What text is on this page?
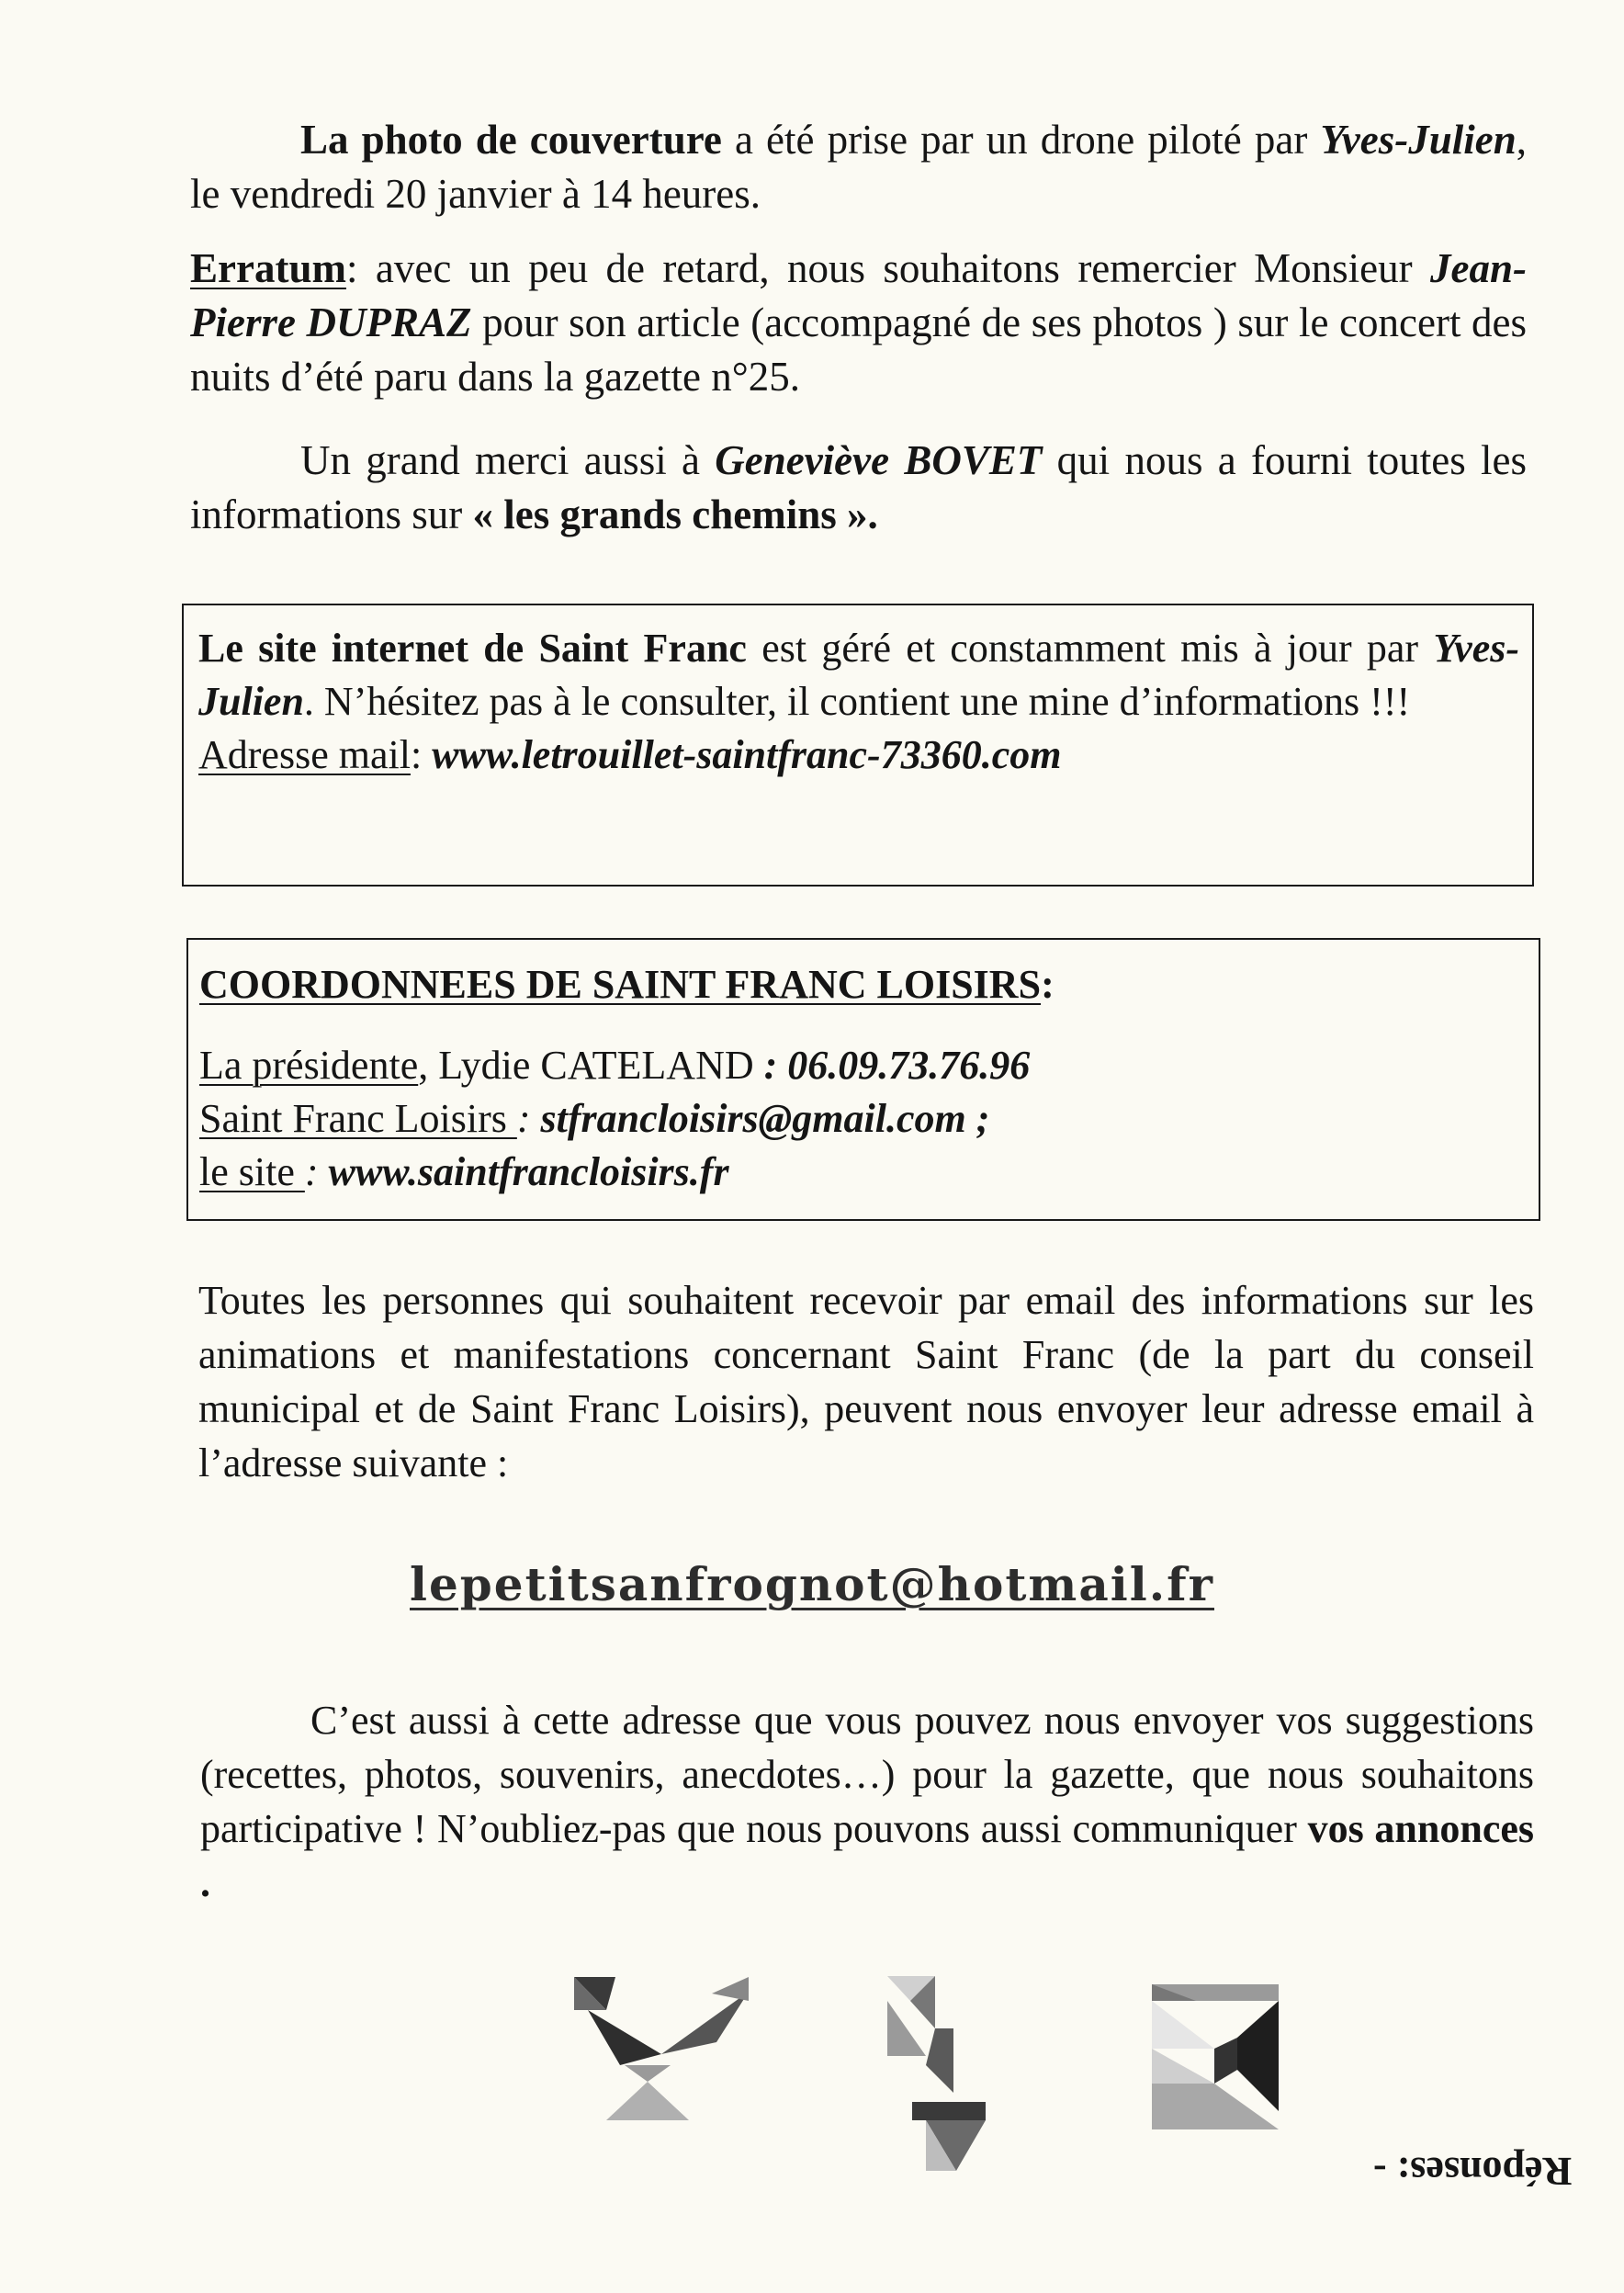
La photo de couverture a été prise par un drone piloté par Yves-Julien, le vendredi 20 janvier à 14 heures.

Erratum: avec un peu de retard, nous souhaitons remercier Monsieur Jean-Pierre DUPRAZ pour son article (accompagné de ses photos ) sur le concert des nuits d’été paru dans la gazette n°25.

Un grand merci aussi à Geneviève BOVET qui nous a fourni toutes les informations sur « les grands chemins ».

Le site internet de Saint Franc est géré et constamment mis à jour par Yves-Julien. N’hésitez pas à le consulter, il contient une mine d’informations !!!

Adresse mail: www.letrouillet-saintfranc-73360.com

COORDONNEES DE SAINT FRANC LOISIRS:

La présidente, Lydie CATELAND : 06.09.73.76.96

Saint Franc Loisirs : stfrancloisirs@gmail.com ;

le site : www.saintfrancloisirs.fr

Toutes les personnes qui souhaitent recevoir par email des informations sur les animations et manifestations concernant Saint Franc (de la part du conseil municipal et de Saint Franc Loisirs), peuvent nous envoyer leur adresse email à l’adresse suivante :

lepetitsanfrognot@hotmail.fr

C’est aussi à cette adresse que vous pouvez nous envoyer vos suggestions (recettes, photos, souvenirs, anecdotes…) pour la gazette, que nous souhaitons participative ! N’oubliez-pas que nous pouvons aussi communiquer vos annonces .

Réponses: -
